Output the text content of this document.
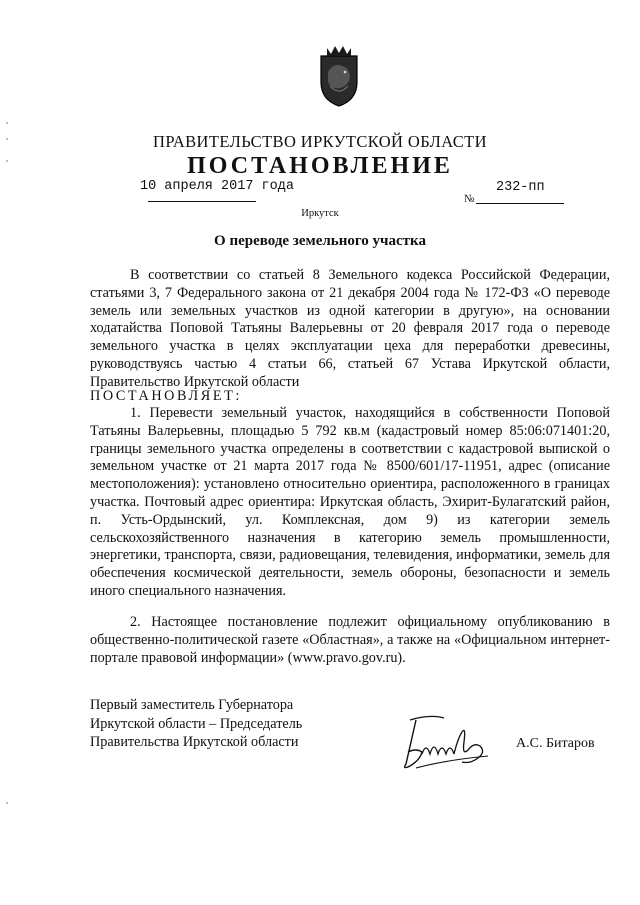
ПРАВИТЕЛЬСТВО ИРКУТСКОЙ ОБЛАСТИ
ПОСТАНОВЛЕНИЕ
10 апреля 2017 года
№
232-пп
Иркутск
О переводе земельного участка
В соответствии со статьей 8 Земельного кодекса Российской Федерации, статьями 3, 7 Федерального закона от 21 декабря 2004 года № 172-ФЗ «О переводе земель или земельных участков из одной категории в другую», на основании ходатайства Поповой Татьяны Валерьевны от 20 февраля 2017 года о переводе земельного участка в целях эксплуатации цеха для переработки древесины, руководствуясь частью 4 статьи 66, статьей 67 Устава Иркутской области, Правительство Иркутской области
ПОСТАНОВЛЯЕТ:
1. Перевести земельный участок, находящийся в собственности Поповой Татьяны Валерьевны, площадью 5 792 кв.м (кадастровый номер 85:06:071401:20, границы земельного участка определены в соответствии с кадастровой выпиской о земельном участке от 21 марта 2017 года № 8500/601/17-11951, адрес (описание местоположения): установлено относительно ориентира, расположенного в границах участка. Почтовый адрес ориентира: Иркутская область, Эхирит-Булагатский район, п. Усть-Ордынский, ул. Комплексная, дом 9) из категории земель сельскохозяйственного назначения в категорию земель промышленности, энергетики, транспорта, связи, радиовещания, телевидения, информатики, земель для обеспечения космической деятельности, земель обороны, безопасности и земель иного специального назначения.
2. Настоящее постановление подлежит официальному опубликованию в общественно-политической газете «Областная», а также на «Официальном интернет-портале правовой информации» (www.pravo.gov.ru).
Первый заместитель Губернатора
Иркутской области – Председатель
Правительства Иркутской области	А.С. Битаров
